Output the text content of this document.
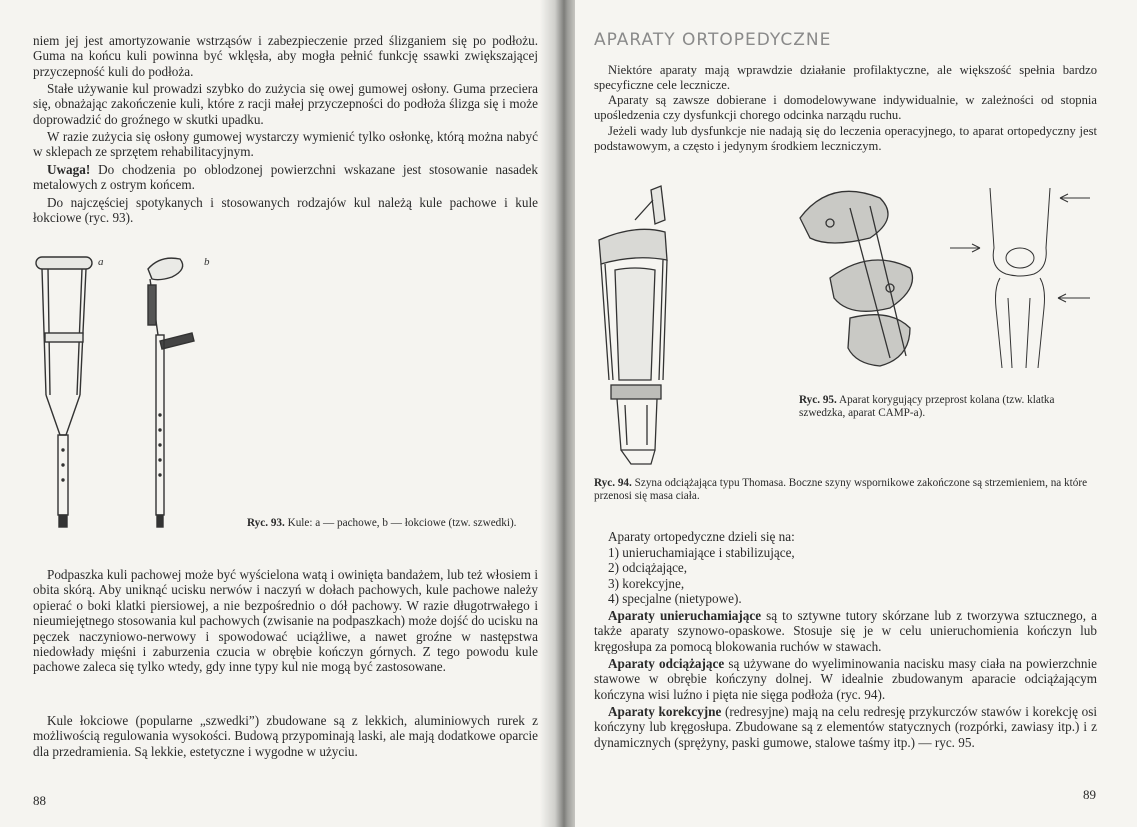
niem jej jest amortyzowanie wstrząsów i zabezpieczenie przed ślizganiem się po podłożu. Guma na końcu kuli powinna być wklęsła, aby mogła pełnić funkcję ssawki zwiększającej przyczepność kuli do podłoża.

Stałe używanie kul prowadzi szybko do zużycia się owej gumowej osłony. Guma przeciera się, obnażając zakończenie kuli, które z racji małej przyczepności do podłoża ślizga się i może doprowadzić do groźnego w skutki upadku.

W razie zużycia się osłony gumowej wystarczy wymienić tylko osłonkę, którą można nabyć w sklepach ze sprzętem rehabilitacyjnym.

Uwaga! Do chodzenia po oblodzonej powierzchni wskazane jest stosowanie nasadek metalowych z ostrym końcem.

Do najczęściej spotykanych i stosowanych rodzajów kul należą kule pachowe i kule łokciowe (ryc. 93).

a	b

Ryc. 93. Kule: a — pachowe, b — łokciowe (tzw. szwedki).

Podpaszka kuli pachowej może być wyścielona watą i owinięta bandażem, lub też włosiem i obita skórą. Aby uniknąć ucisku nerwów i naczyń w dołach pachowych, kule pachowe należy opierać o boki klatki piersiowej, a nie bezpośrednio o dół pachowy. W razie długotrwałego i nieumiejętnego stosowania kul pachowych (zwisanie na podpaszkach) może dojść do ucisku na pęczek naczyniowo-nerwowy i spowodować uciążliwe, a nawet groźne w następstwa niedowłady mięśni i zaburzenia czucia w obrębie kończyn górnych. Z tego powodu kule pachowe zaleca się tylko wtedy, gdy inne typy kul nie mogą być zastosowane.

Kule łokciowe (popularne „szwedki”) zbudowane są z lekkich, aluminiowych rurek z możliwością regulowania wysokości. Budową przypominają laski, ale mają dodatkowe oparcie dla przedramienia. Są lekkie, estetyczne i wygodne w użyciu.

88
APARATY ORTOPEDYCZNE

Niektóre aparaty mają wprawdzie działanie profilaktyczne, ale większość spełnia bardzo specyficzne cele lecznicze.

Aparaty są zawsze dobierane i domodelowywane indywidualnie, w zależności od stopnia upośledzenia czy dysfunkcji chorego odcinka narządu ruchu.

Jeżeli wady lub dysfunkcje nie nadają się do leczenia operacyjnego, to aparat ortopedyczny jest podstawowym, a często i jedynym środkiem leczniczym.

Ryc. 95. Aparat korygujący przeprost kolana (tzw. klatka szwedzka, aparat CAMP-a).

Ryc. 94. Szyna odciążająca typu Thomasa. Boczne szyny wspornikowe zakończone są strzemieniem, na które przenosi się masa ciała.

Aparaty ortopedyczne dzieli się na:

1) unieruchamiające i stabilizujące,
2) odciążające,
3) korekcyjne,
4) specjalne (nietypowe).

Aparaty unieruchamiające są to sztywne tutory skórzane lub z tworzywa sztucznego, a także aparaty szynowo-opaskowe. Stosuje się je w celu unieruchomienia kończyn lub kręgosłupa za pomocą blokowania ruchów w stawach.

Aparaty odciążające są używane do wyeliminowania nacisku masy ciała na powierzchnie stawowe w obrębie kończyny dolnej. W idealnie zbudowanym aparacie odciążającym kończyna wisi luźno i pięta nie sięga podłoża (ryc. 94).

Aparaty korekcyjne (redresyjne) mają na celu redresję przykurczów stawów i korekcję osi kończyny lub kręgosłupa. Zbudowane są z elementów statycznych (rozpórki, zawiasy itp.) i z dynamicznych (sprężyny, paski gumowe, stalowe taśmy itp.) — ryc. 95.

89
